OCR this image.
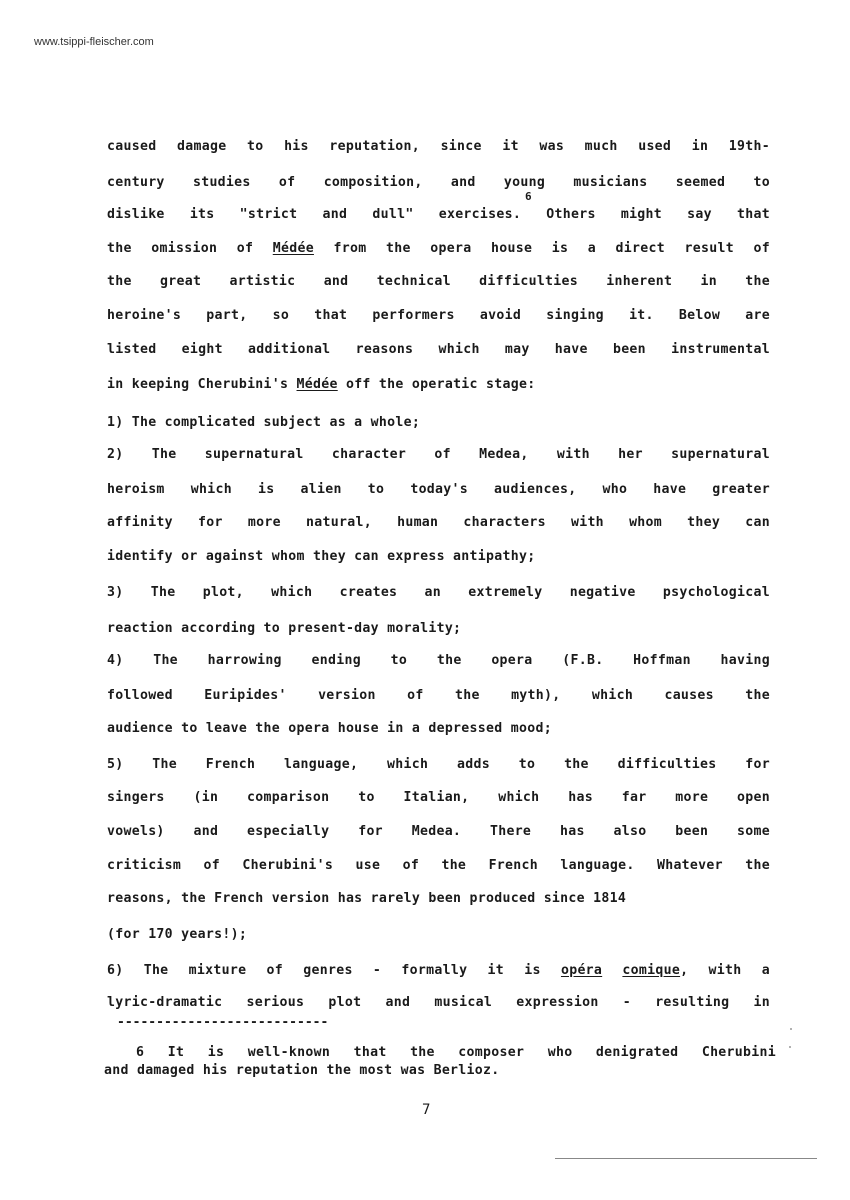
www.tsippi-fleischer.com
caused damage to his reputation, since it was much used in 19th-
century studies of composition, and young musicians seemed to
dislike its "strict and dull" exercises. Others might say that
the omission of Médée from the opera house is a direct result of
the great artistic and technical difficulties inherent in the
heroine's part, so that performers avoid singing it. Below are
listed eight additional reasons which may have been instrumental
in keeping Cherubini's Médée off the operatic stage:
1) The complicated subject as a whole;
2) The supernatural character of Medea, with her supernatural
heroism which is alien to today's audiences, who have greater
affinity for more natural, human characters with whom they can
identify or against whom they can express antipathy;
3) The plot, which creates an extremely negative psychological
reaction according to present-day morality;
4) The harrowing ending to the opera (F.B. Hoffman having
followed Euripides' version of the myth), which causes the
audience to leave the opera house in a depressed mood;
5) The French language, which adds to the difficulties for
singers (in comparison to Italian, which has far more open
vowels) and especially for Medea. There has also been some
criticism of Cherubini's use of the French language. Whatever the
reasons, the French version has rarely been produced since 1814
(for 170 years!);
6) The mixture of genres - formally it is opéra comique, with a
lyric-dramatic serious plot and musical expression - resulting in
6
---------------------------
6 It is well-known that the composer who denigrated Cherubini
and damaged his reputation the most was Berlioz.
7
